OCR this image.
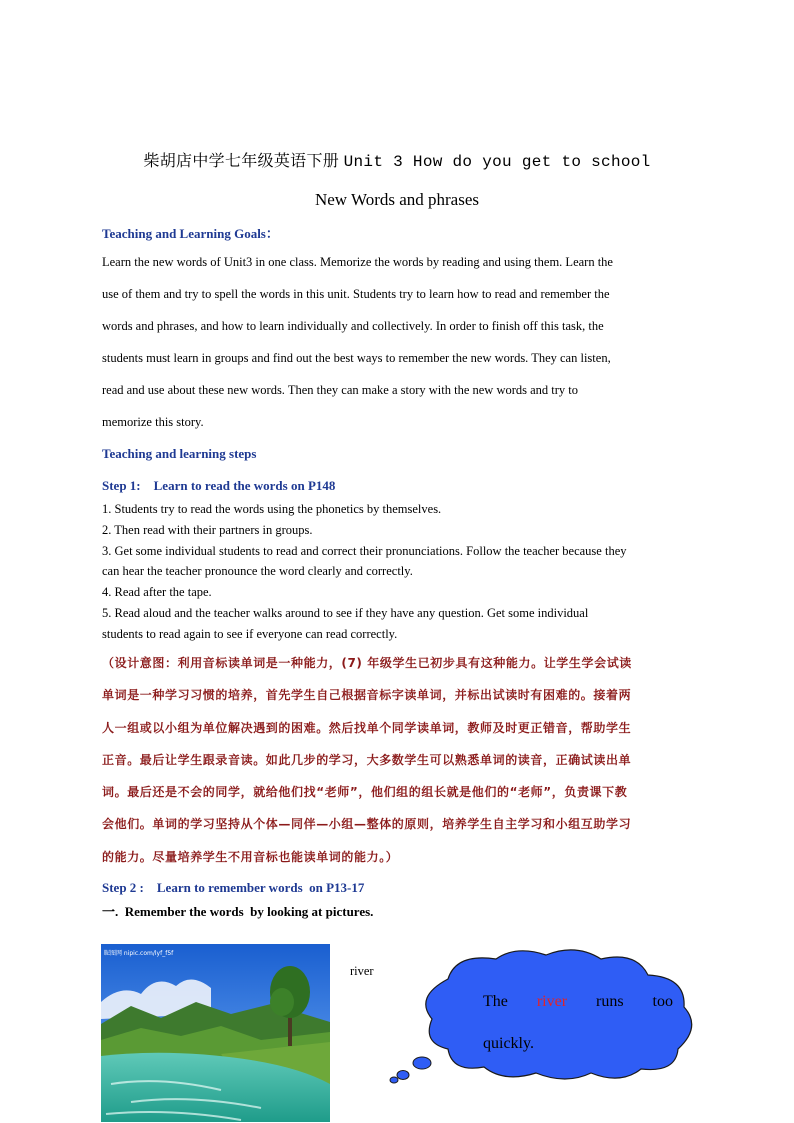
柴胡店中学七年级英语下册 Unit 3 How do you get to school
New Words and phrases
Teaching and Learning Goals：
Learn the new words of Unit3 in one class. Memorize the words by reading and using them. Learn the
use of them and try to spell the words in this unit. Students try to learn how to read and remember the
words and phrases, and how to learn individually and collectively. In order to finish off this task, the
students must learn in groups and find out the best ways to remember the new words. They can listen,
read and use about these new words. Then they can make a story with the new words and try to
memorize this story.
Teaching and learning steps
Step 1:    Learn to read the words on P148
1. Students try to read the words using the phonetics by themselves.
2. Then read with their partners in groups.
3. Get some individual students to read and correct their pronunciations. Follow the teacher because they
can hear the teacher pronounce the word clearly and correctly.
4. Read after the tape.
5. Read aloud and the teacher walks around to see if they have any question. Get some individual
students to read again to see if everyone can read correctly.
（设计意图：利用音标读单词是一种能力，(7) 年级学生已初步具有这种能力。让学生学会试读
单词是一种学习习惯的培养，首先学生自己根据音标字读单词，并标出试读时有困难的。接着两
人一组或以小组为单位解决遇到的困难。然后找单个同学读单词，教师及时更正错音，帮助学生
正音。最后让学生跟录音读。如此几步的学习，大多数学生可以熟悉单词的读音，正确试读出单
词。最后还是不会的同学，就给他们找“老师”，他们组的组长就是他们的“老师”，负责课下教
会他们。单词的学习坚持从个体—同伴—小组—整体的原则，培养学生自主学习和小组互助学习
的能力。尽量培养学生不用音标也能读单词的能力。）
Step 2 :    Learn to remember words  on P13-17
一.  Remember the words  by looking at pictures.
昵图网 nipic.com/lyf_f5f
river
The river runs too
quickly.
